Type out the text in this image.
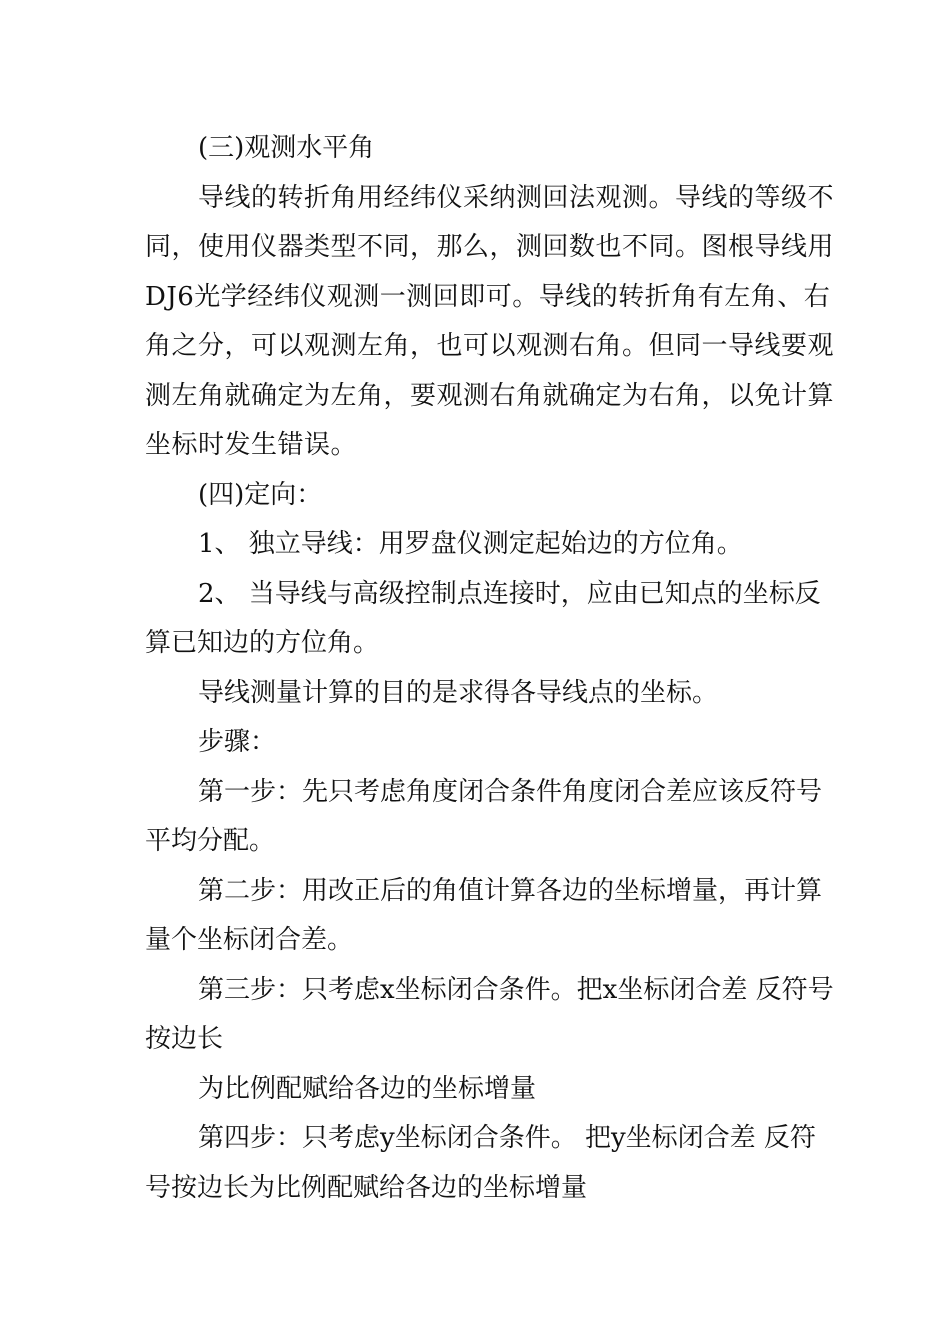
(三)观测水平角

导线的转折角用经纬仪采纳测回法观测。导线的等级不同，使用仪器类型不同，那么，测回数也不同。图根导线用DJ6光学经纬仪观测一测回即可。导线的转折角有左角、右角之分，可以观测左角，也可以观测右角。但同一导线要观测左角就确定为左角，要观测右角就确定为右角，以免计算坐标时发生错误。

(四)定向：

1、 独立导线：用罗盘仪测定起始边的方位角。

2、 当导线与高级控制点连接时，应由已知点的坐标反算已知边的方位角。

导线测量计算的目的是求得各导线点的坐标。

步骤：

第一步：先只考虑角度闭合条件角度闭合差应该反符号平均分配。

第二步：用改正后的角值计算各边的坐标增量，再计算量个坐标闭合差。

第三步：只考虑x坐标闭合条件。把x坐标闭合差 反符号按边长

为比例配赋给各边的坐标增量

第四步：只考虑y坐标闭合条件。 把y坐标闭合差 反符号按边长为比例配赋给各边的坐标增量
